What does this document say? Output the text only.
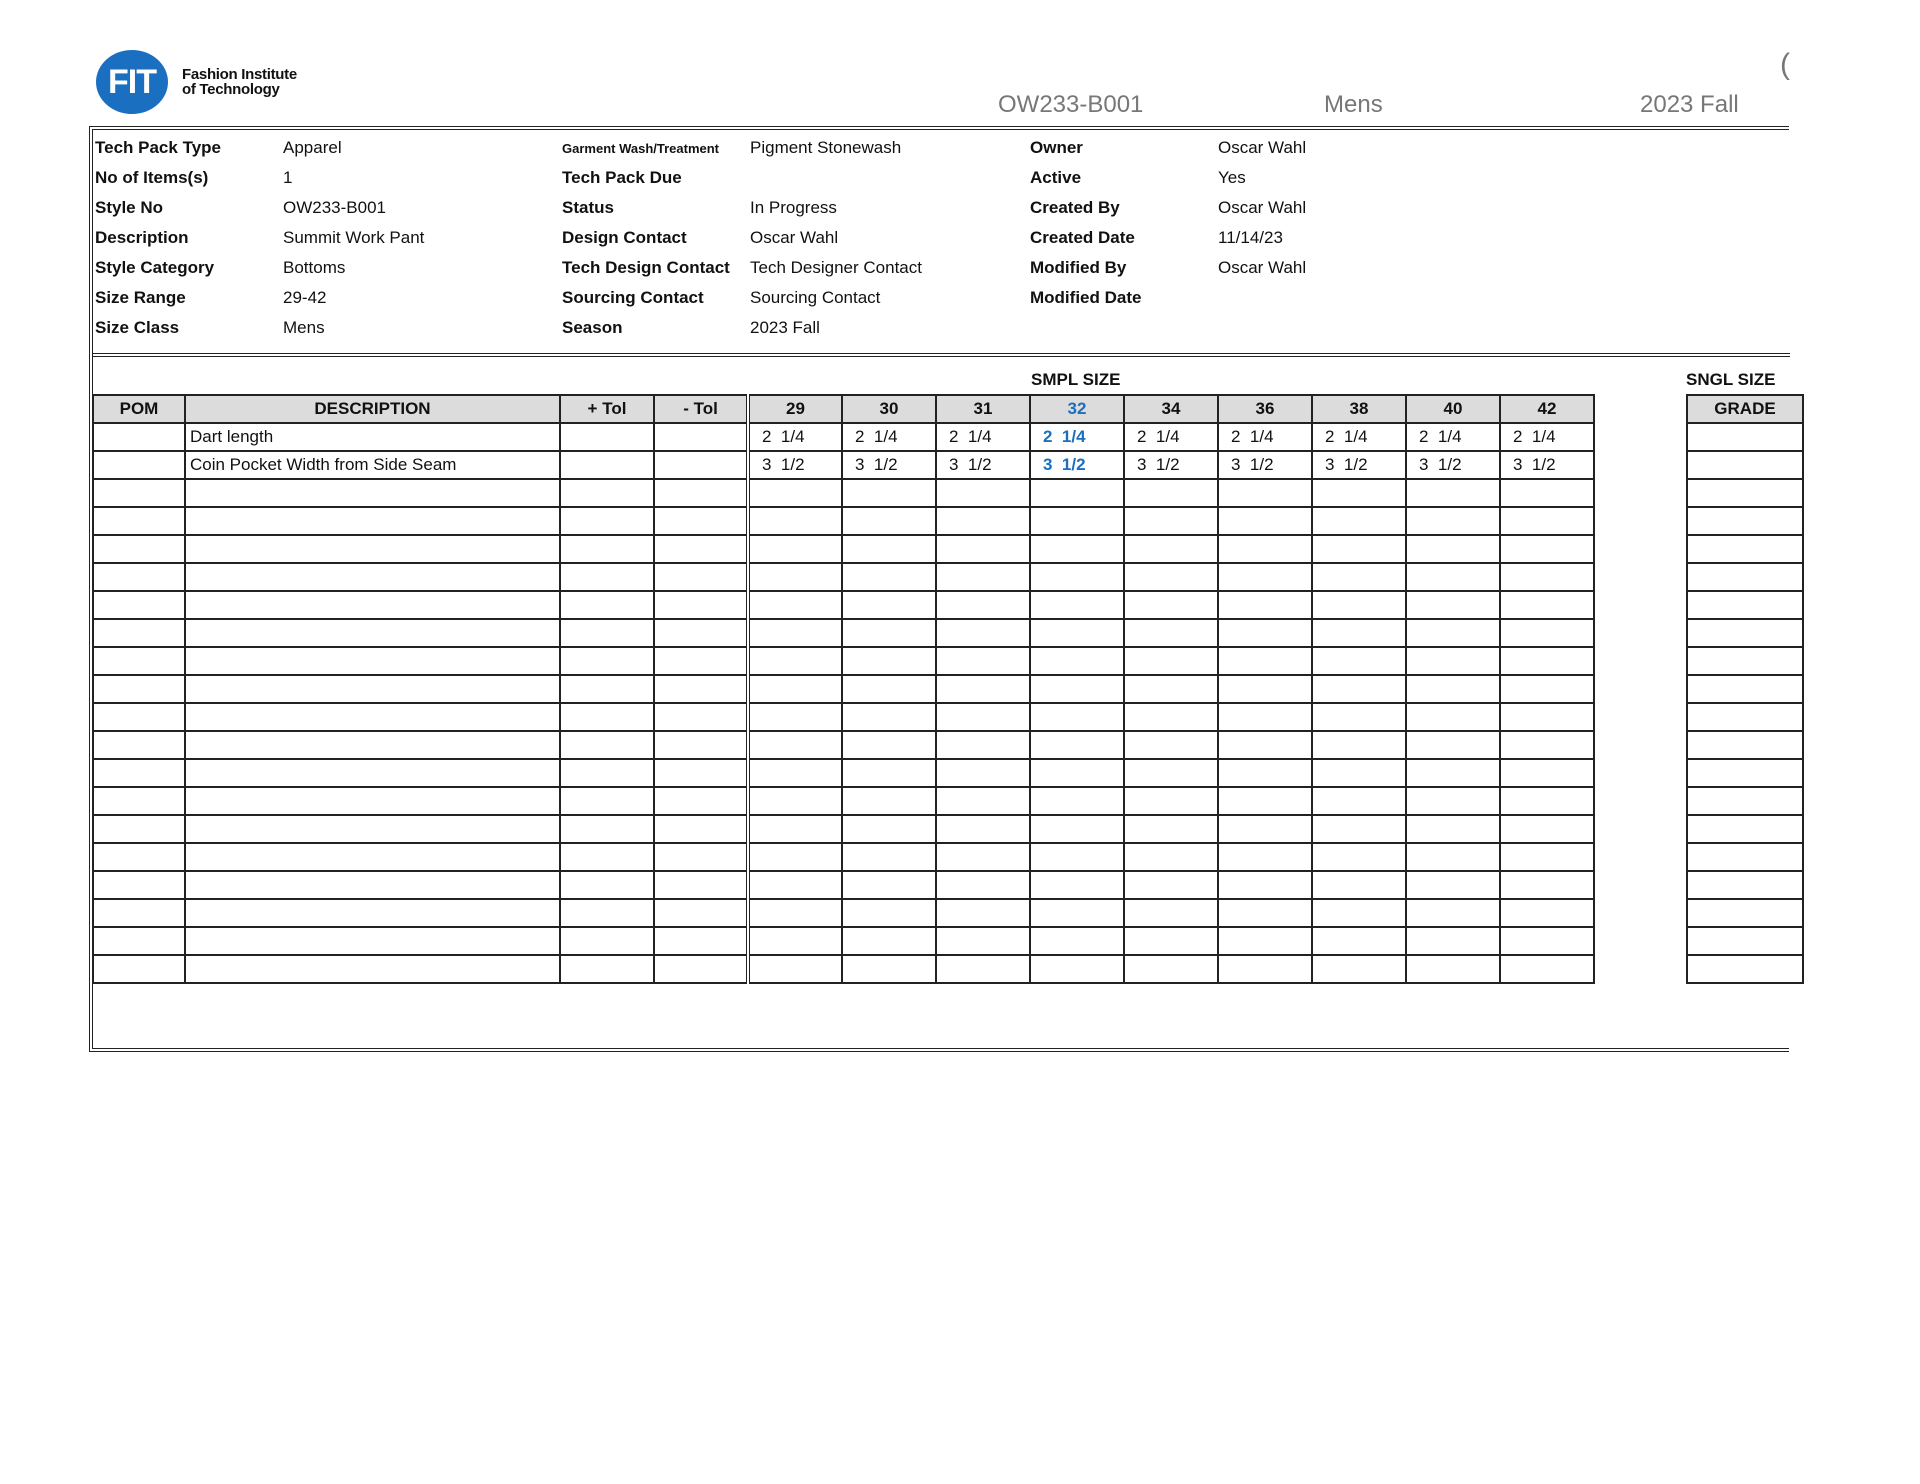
FIT	Fashion Institute
of Technology
OW233-B001	Mens	2023 Fall
(
Tech Pack Type	Apparel
No of Items(s)	1
Style No	OW233-B001
Description	Summit Work Pant
Style Category	Bottoms
Size Range	29-42
Size Class	Mens
Garment Wash/Treatment Pigment Stonewash
Tech Pack Due
Status	In Progress
Design Contact	Oscar Wahl
Tech Design Contact Tech Designer Contact
Sourcing Contact	Sourcing Contact
Season	2023 Fall
Owner	Oscar Wahl
Active	Yes
Created By	Oscar Wahl
Created Date	11/14/23
Modified By	Oscar Wahl
Modified Date
SMPL SIZE	SNGL SIZE
POM	DESCRIPTION	+ Tol	- Tol	29	30	31	32	34	36	38	40	42
	Dart length			2  1/4	2  1/4	2  1/4	2  1/4	2  1/4	2  1/4	2  1/4	2  1/4	2  1/4
	Coin Pocket Width from Side Seam			3  1/2	3  1/2	3  1/2	3  1/2	3  1/2	3  1/2	3  1/2	3  1/2	3  1/2

GRADE
